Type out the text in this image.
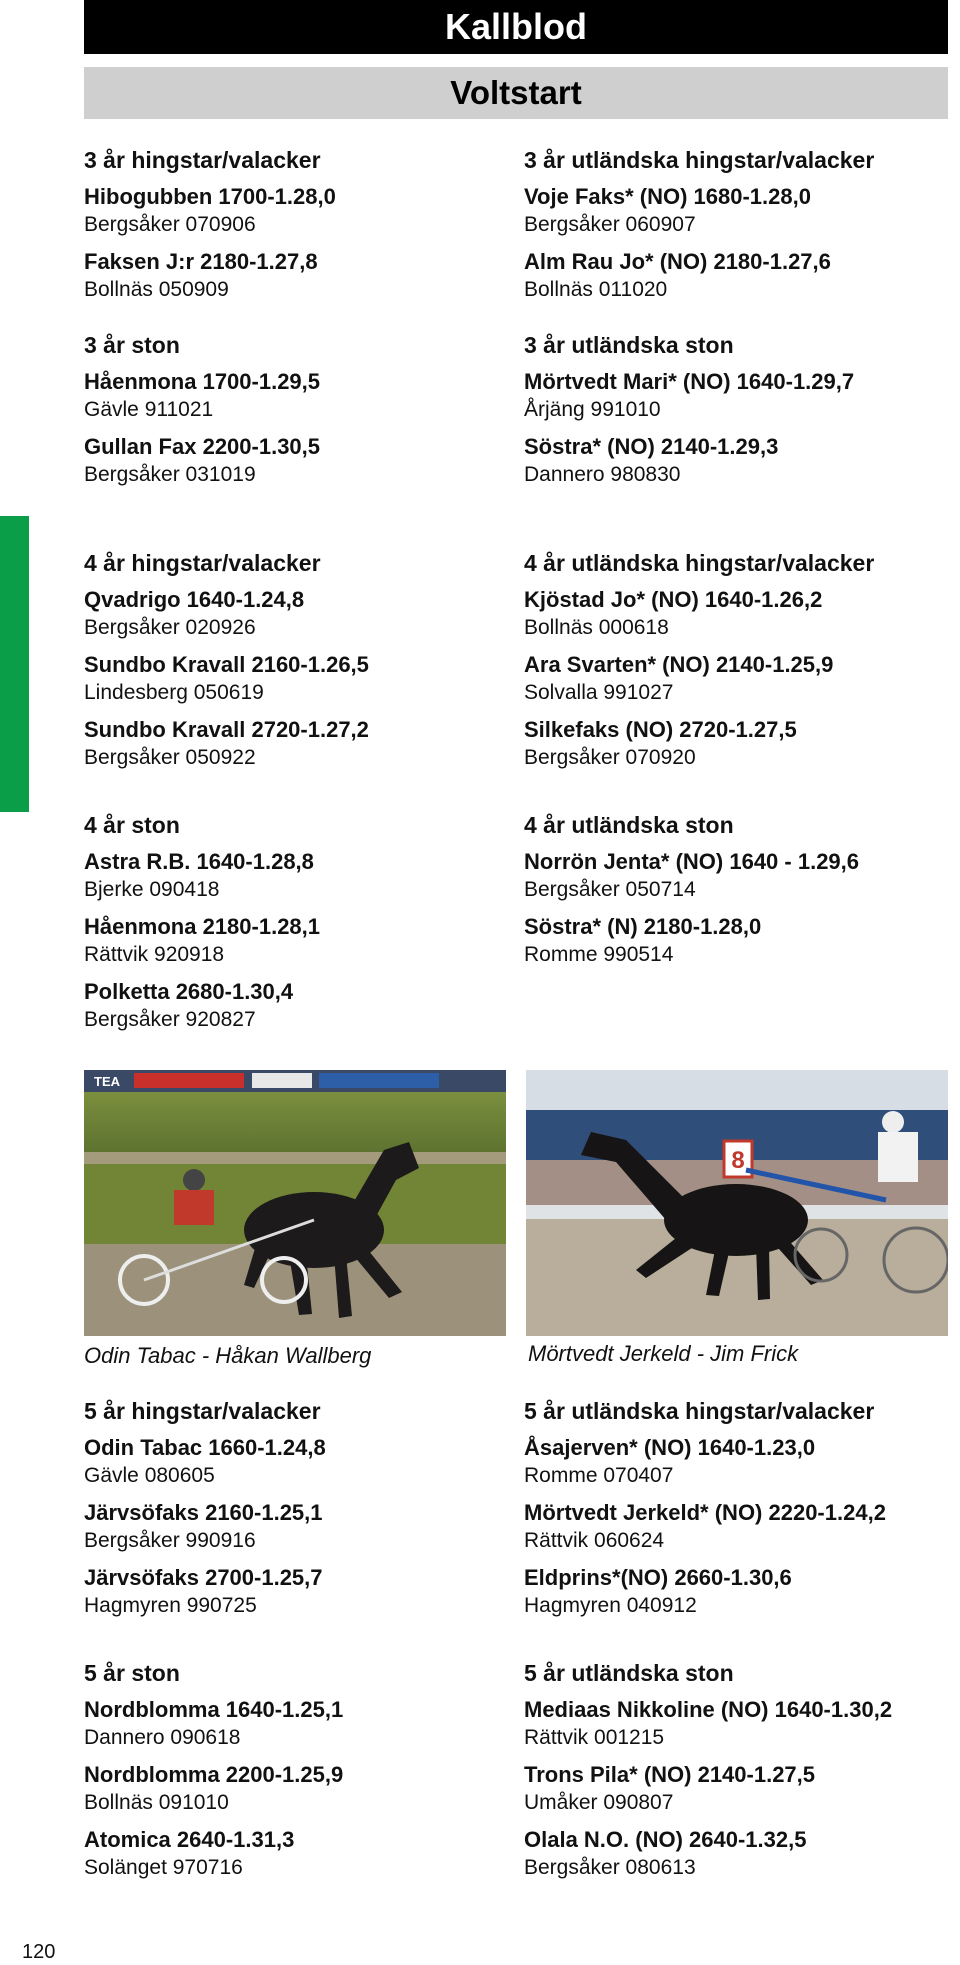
Kallblod
Voltstart
3 år hingstar/valacker
Hibogubben 1700-1.28,0
Bergsåker 070906
Faksen J:r 2180-1.27,8
Bollnäs 050909
3 år utländska hingstar/valacker
Voje Faks* (NO) 1680-1.28,0
Bergsåker 060907
Alm Rau Jo* (NO) 2180-1.27,6
Bollnäs 011020
3 år ston
Håenmona 1700-1.29,5
Gävle 911021
Gullan Fax 2200-1.30,5
Bergsåker 031019
3 år utländska ston
Mörtvedt Mari* (NO) 1640-1.29,7
Årjäng 991010
Söstra* (NO) 2140-1.29,3
Dannero 980830
4 år hingstar/valacker
Qvadrigo 1640-1.24,8
Bergsåker 020926
Sundbo Kravall 2160-1.26,5
Lindesberg 050619
Sundbo Kravall 2720-1.27,2
Bergsåker 050922
4 år utländska hingstar/valacker
Kjöstad Jo* (NO) 1640-1.26,2
Bollnäs 000618
Ara Svarten* (NO) 2140-1.25,9
Solvalla 991027
Silkefaks (NO) 2720-1.27,5
Bergsåker 070920
4 år ston
Astra R.B. 1640-1.28,8
Bjerke 090418
Håenmona 2180-1.28,1
Rättvik 920918
Polketta 2680-1.30,4
Bergsåker 920827
4 år utländska ston
Norrön Jenta* (NO) 1640 - 1.29,6
Bergsåker 050714
Söstra* (N) 2180-1.28,0
Romme 990514
TEA
Odin Tabac - Håkan Wallberg
8
Mörtvedt Jerkeld - Jim Frick
5 år hingstar/valacker
Odin Tabac 1660-1.24,8
Gävle 080605
Järvsöfaks 2160-1.25,1
Bergsåker 990916
Järvsöfaks 2700-1.25,7
Hagmyren 990725
5 år utländska hingstar/valacker
Åsajerven* (NO) 1640-1.23,0
Romme 070407
Mörtvedt Jerkeld* (NO) 2220-1.24,2
Rättvik 060624
Eldprins*(NO) 2660-1.30,6
Hagmyren 040912
5 år ston
Nordblomma 1640-1.25,1
Dannero 090618
Nordblomma 2200-1.25,9
Bollnäs 091010
Atomica 2640-1.31,3
Solänget 970716
5 år utländska ston
Mediaas Nikkoline (NO) 1640-1.30,2
Rättvik 001215
Trons Pila* (NO) 2140-1.27,5
Umåker 090807
Olala N.O. (NO) 2640-1.32,5
Bergsåker 080613
120
